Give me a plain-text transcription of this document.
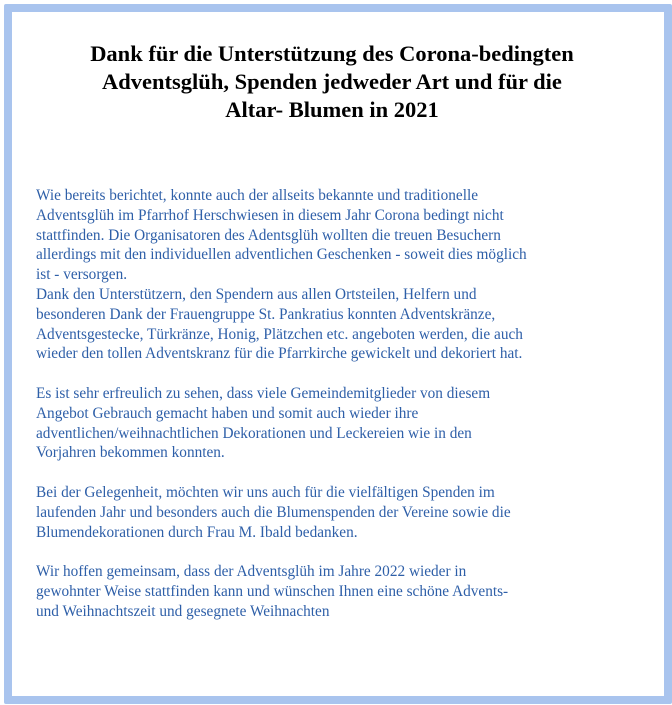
Dank für die Unterstützung des Corona-bedingten
Adventsglüh, Spenden jedweder Art und für die
Altar- Blumen in 2021

Wie bereits berichtet, konnte auch der allseits bekannte und traditionelle
Adventsglüh im Pfarrhof Herschwiesen in diesem Jahr Corona bedingt nicht
stattfinden. Die Organisatoren des Adentsglüh wollten die treuen Besuchern
allerdings mit den individuellen adventlichen Geschenken - soweit dies möglich
ist - versorgen.
Dank den Unterstützern, den Spendern aus allen Ortsteilen, Helfern und
besonderen Dank der Frauengruppe St. Pankratius konnten Adventskränze,
Adventsgestecke, Türkränze, Honig, Plätzchen etc. angeboten werden, die auch
wieder den tollen Adventskranz für die Pfarrkirche gewickelt und dekoriert hat.

Es ist sehr erfreulich zu sehen, dass viele Gemeindemitglieder von diesem
Angebot Gebrauch gemacht haben und somit auch wieder ihre
adventlichen/weihnachtlichen Dekorationen und Leckereien wie in den
Vorjahren bekommen konnten.

Bei der Gelegenheit, möchten wir uns auch für die vielfältigen Spenden im
laufenden Jahr und besonders auch die Blumenspenden der Vereine sowie die
Blumendekorationen durch Frau M. Ibald bedanken.

Wir hoffen gemeinsam, dass der Adventsglüh im Jahre 2022 wieder in
gewohnter Weise stattfinden kann und wünschen Ihnen eine schöne Advents-
und Weihnachtszeit und gesegnete Weihnachten
